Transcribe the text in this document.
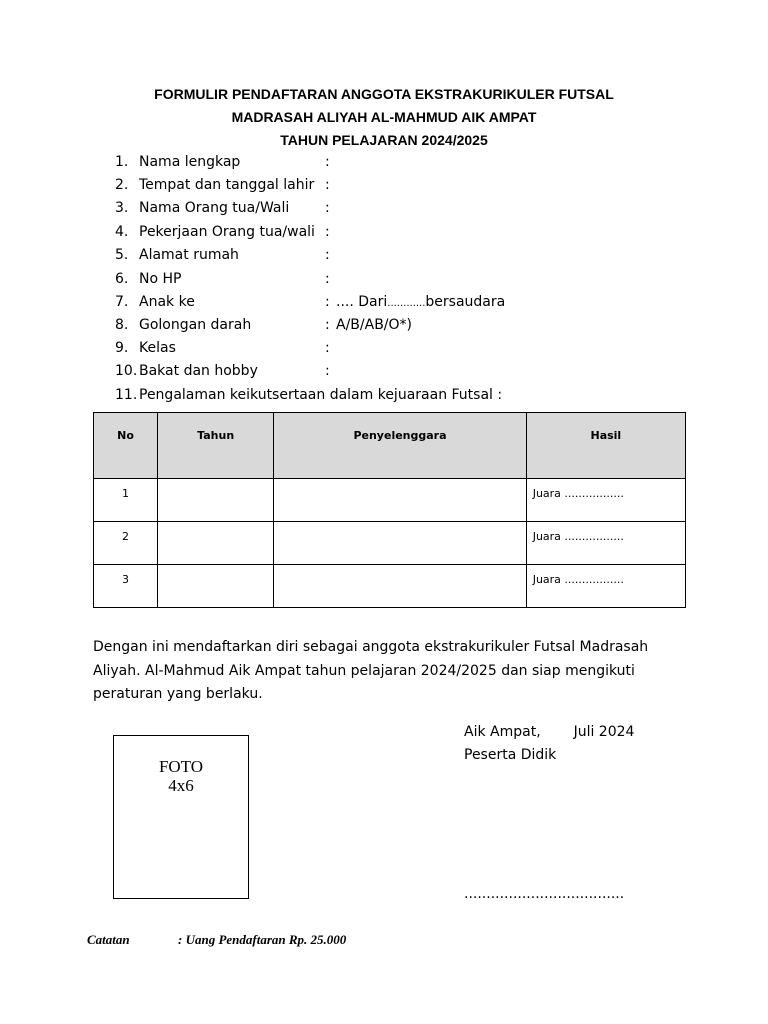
FORMULIR PENDAFTARAN ANGGOTA EKSTRAKURIKULER FUTSAL
MADRASAH ALIYAH AL-MAHMUD AIK AMPAT
TAHUN PELAJARAN 2024/2025
1. Nama lengkap	:
2. Tempat dan tanggal lahir :
3. Nama Orang tua/Wali	:
4. Pekerjaan Orang tua/wali :
5. Alamat rumah	:
6. No HP	:
7. Anak ke	: .... Dari............bersaudara
8. Golongan darah	: A/B/AB/O*)
9. Kelas	:
10. Bakat dan hobby	:
11. Pengalaman keikutsertaan dalam kejuaraan Futsal :
No	Tahun	Penyelenggara	Hasil
1			Juara .................
2			Juara .................
3			Juara .................
Dengan ini mendaftarkan diri sebagai anggota ekstrakurikuler Futsal Madrasah Aliyah. Al-Mahmud Aik Ampat tahun pelajaran 2024/2025 dan siap mengikuti peraturan yang berlaku.
Aik Ampat, Juli 2024
Peserta Didik
....................................
FOTO
4x6
Catatan	: Uang Pendaftaran Rp. 25.000
